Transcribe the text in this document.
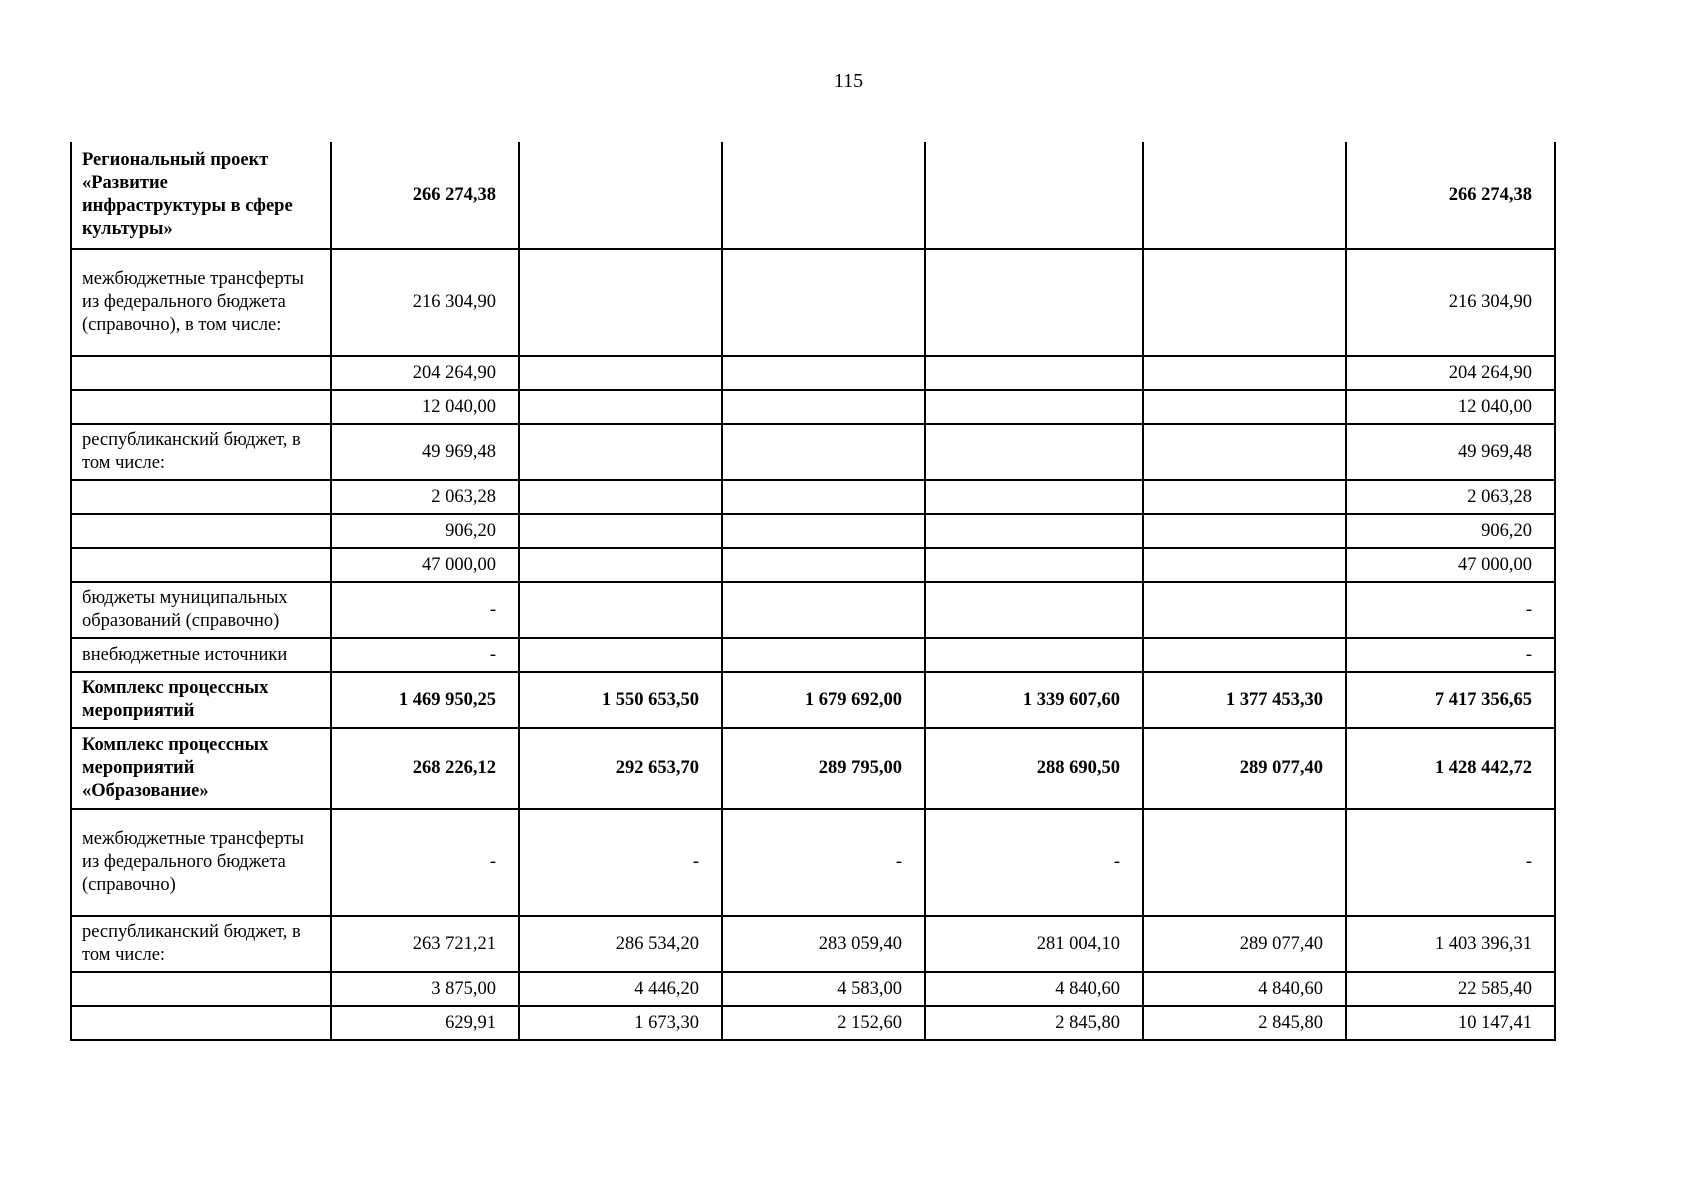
115
Региональный проект «Развитие инфраструктуры в сфере культуры»	266 274,38					266 274,38
межбюджетные трансферты из федерального бюджета (справочно), в том числе:	216 304,90					216 304,90
	204 264,90					204 264,90
	12 040,00					12 040,00
республиканский бюджет, в том числе:	49 969,48					49 969,48
	2 063,28					2 063,28
	906,20					906,20
	47 000,00					47 000,00
бюджеты муниципальных образований (справочно)	-					-
внебюджетные источники	-					-
Комплекс процессных мероприятий	1 469 950,25	1 550 653,50	1 679 692,00	1 339 607,60	1 377 453,30	7 417 356,65
Комплекс процессных мероприятий «Образование»	268 226,12	292 653,70	289 795,00	288 690,50	289 077,40	1 428 442,72
межбюджетные трансферты из федерального бюджета (справочно)	-	-	-	-		-
республиканский бюджет, в том числе:	263 721,21	286 534,20	283 059,40	281 004,10	289 077,40	1 403 396,31
	3 875,00	4 446,20	4 583,00	4 840,60	4 840,60	22 585,40
	629,91	1 673,30	2 152,60	2 845,80	2 845,80	10 147,41
